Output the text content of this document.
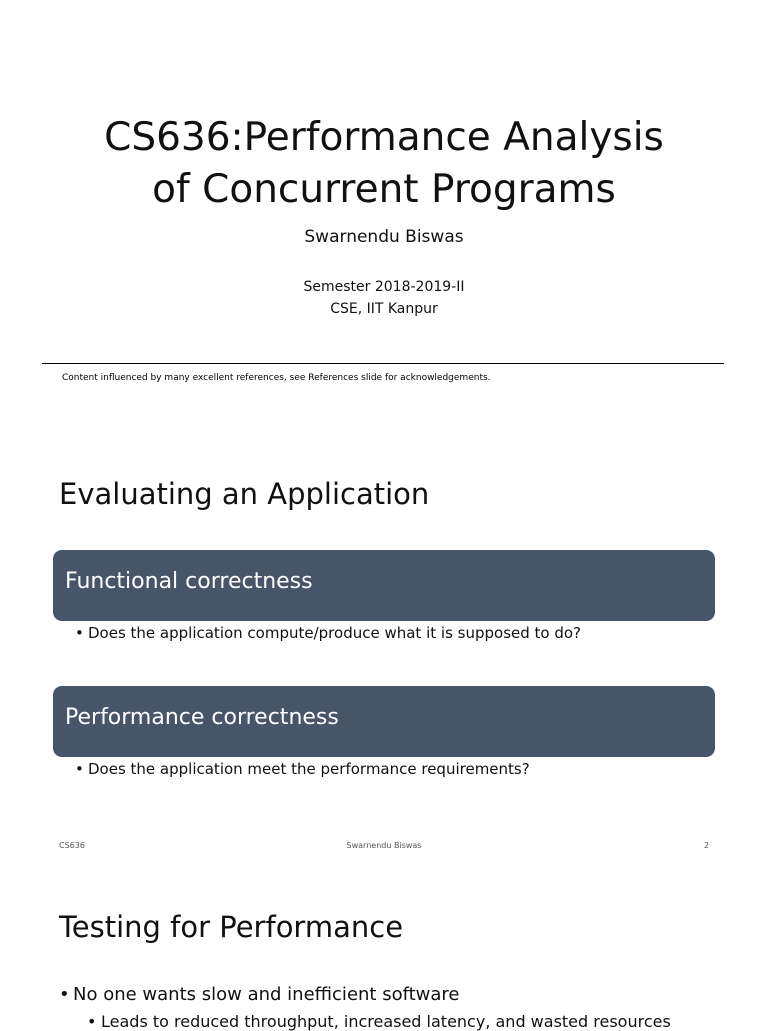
CS636:Performance Analysis
of Concurrent Programs
Swarnendu Biswas
Semester 2018-2019-II
CSE, IIT Kanpur
Content influenced by many excellent references, see References slide for acknowledgements.
Evaluating an Application
Functional correctness
• Does the application compute/produce what it is supposed to do?
Performance correctness
• Does the application meet the performance requirements?
CS636	Swarnendu Biswas	2
Testing for Performance
• No one wants slow and inefficient software
• Leads to reduced throughput, increased latency, and wasted resources
